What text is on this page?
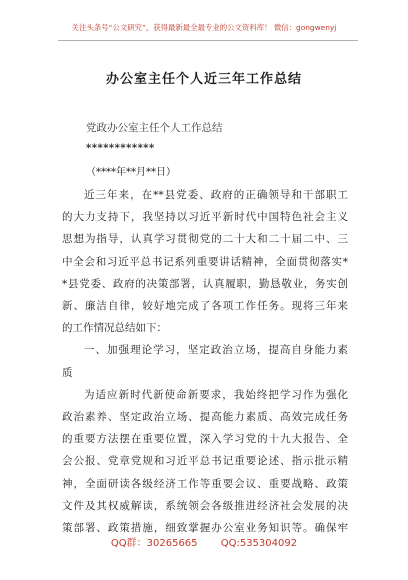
关注头条号“公文研究”，获得最新最全最专业的公文资料库！ 微信：gongwenyj
办公室主任个人近三年工作总结
党政办公室主任个人工作总结
************
（****年**月**日）
近三年来，在**县党委、政府的正确领导和干部职工
的大力支持下，我坚持以习近平新时代中国特色社会主义
思想为指导，认真学习贯彻党的二十大和二十届二中、三
中全会和习近平总书记系列重要讲话精神，全面贯彻落实*
*县党委、政府的决策部署，认真履职，勤恳敬业，务实创
新、廉洁自律，较好地完成了各项工作任务。现将三年来
的工作情况总结如下：
一、加强理论学习，坚定政治立场，提高自身能力素
质
为适应新时代新使命新要求，我始终把学习作为强化
政治素养、坚定政治立场、提高能力素质、高效完成任务
的重要方法摆在重要位置，深入学习党的十九大报告、全
会公报、党章党规和习近平总书记重要论述、指示批示精
神，全面研读各级经济工作等重要会议、重要战略、政策
文件及其权威解读，系统领会各级推进经济社会发展的决
策部署、政策措施，细致掌握办公室业务知识等。确保牢
QQ群：30265665 QQ:535304092
